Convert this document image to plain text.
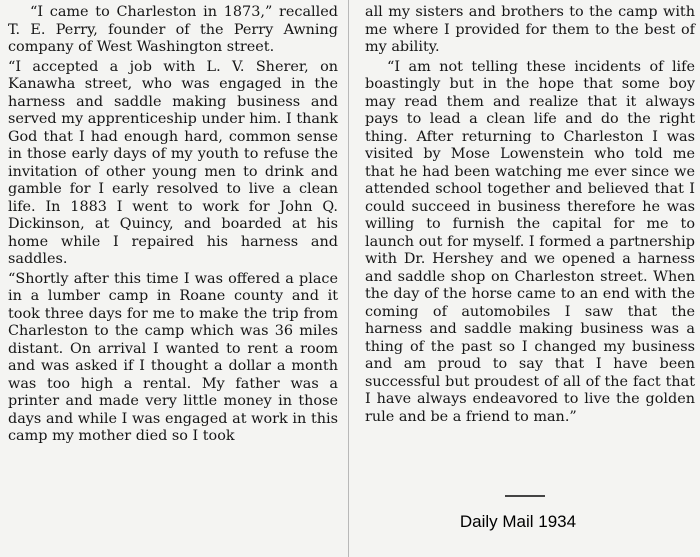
“I came to Charleston in 1873,” recalled T. E. Perry, founder of the Perry Awning company of West Washington street.

“I accepted a job with L. V. Sherer, on Kanawha street, who was engaged in the harness and saddle making business and served my apprenticeship under him. I thank God that I had enough hard, common sense in those early days of my youth to refuse the invitation of other young men to drink and gamble for I early resolved to live a clean life. In 1883 I went to work for John Q. Dickinson, at Quincy, and boarded at his home while I repaired his harness and saddles.

“Shortly after this time I was offered a place in a lumber camp in Roane county and it took three days for me to make the trip from Charleston to the camp which was 36 miles distant. On arrival I wanted to rent a room and was asked if I thought a dollar a month was too high a rental. My father was a printer and made very little money in those days and while I was engaged at work in this camp my mother died so I took

all my sisters and brothers to the camp with me where I provided for them to the best of my ability.

“I am not telling these incidents of life boastingly but in the hope that some boy may read them and realize that it always pays to lead a clean life and do the right thing. After returning to Charleston I was visited by Mose Lowenstein who told me that he had been watching me ever since we attended school together and believed that I could succeed in business therefore he was willing to furnish the capital for me to launch out for myself. I formed a partnership with Dr. Hershey and we opened a harness and saddle shop on Charleston street. When the day of the horse came to an end with the coming of automobiles I saw that the harness and saddle making business was a thing of the past so I changed my business and am proud to say that I have been successful but proudest of all of the fact that I have always endeavored to live the golden rule and be a friend to man.”

Daily Mail 1934
